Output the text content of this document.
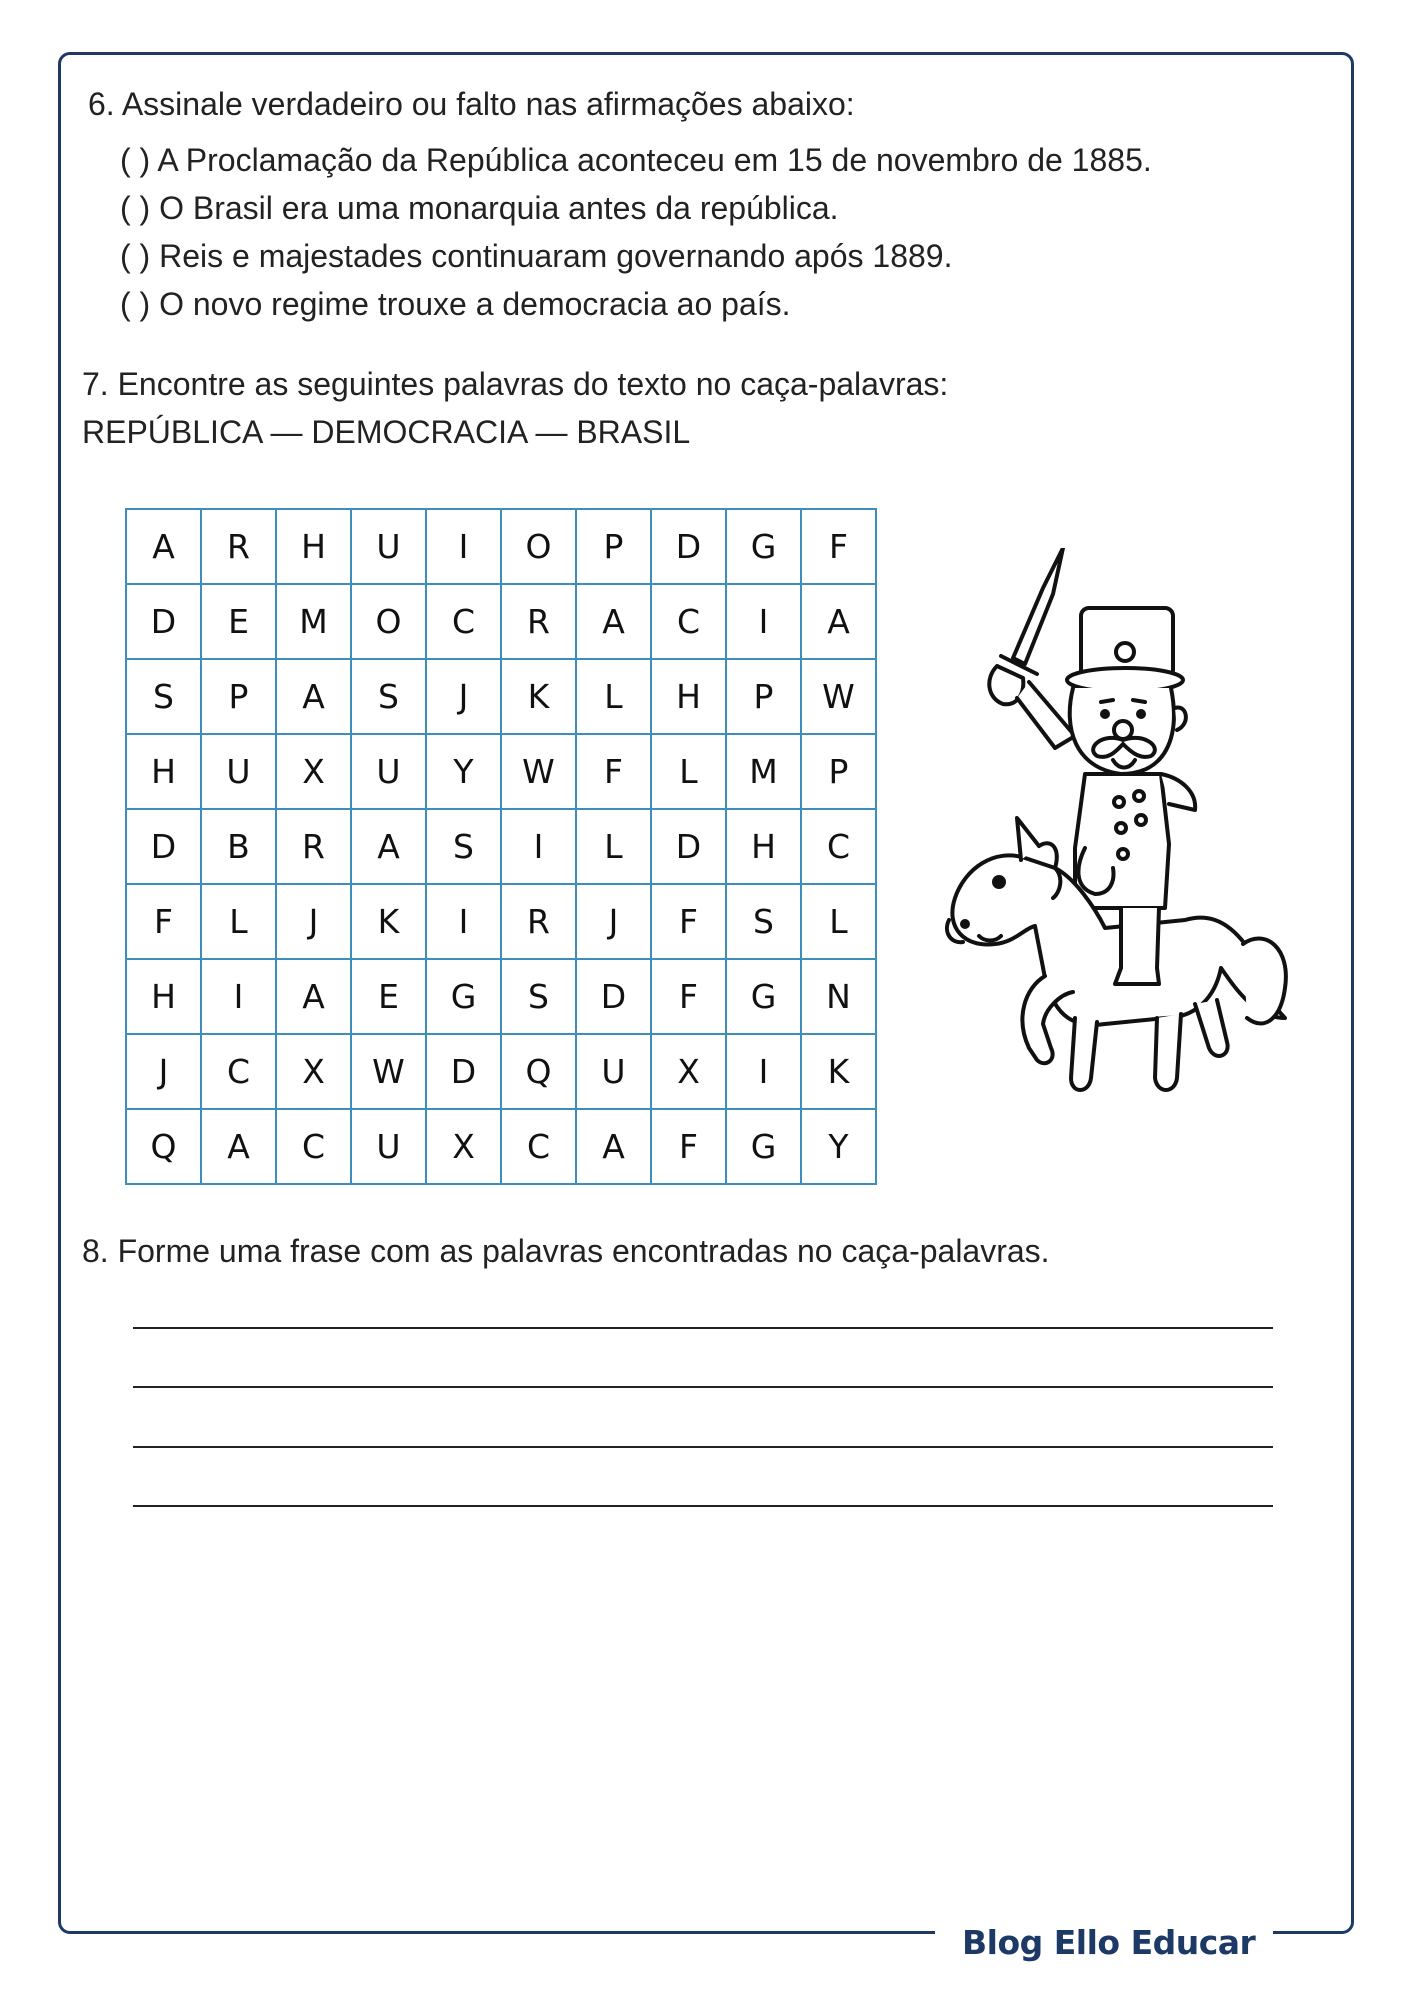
Blog Ello Educar
6. Assinale verdadeiro ou falto nas afirmações abaixo:
( ) A Proclamação da República aconteceu em 15 de novembro de 1885.
( ) O Brasil era uma monarquia antes da república.
( ) Reis e majestades continuaram governando após 1889.
( ) O novo regime trouxe a democracia ao país.
7. Encontre as seguintes palavras do texto no caça-palavras:
REPÚBLICA — DEMOCRACIA — BRASIL
A	R	H	U	I	O	P	D	G	F
D	E	M	O	C	R	A	C	I	A
S	P	A	S	J	K	L	H	P	W
H	U	X	U	Y	W	F	L	M	P
D	B	R	A	S	I	L	D	H	C
F	L	J	K	I	R	J	F	S	L
H	I	A	E	G	S	D	F	G	N
J	C	X	W	D	Q	U	X	I	K
Q	A	C	U	X	C	A	F	G	Y
8. Forme uma frase com as palavras encontradas no caça-palavras.
